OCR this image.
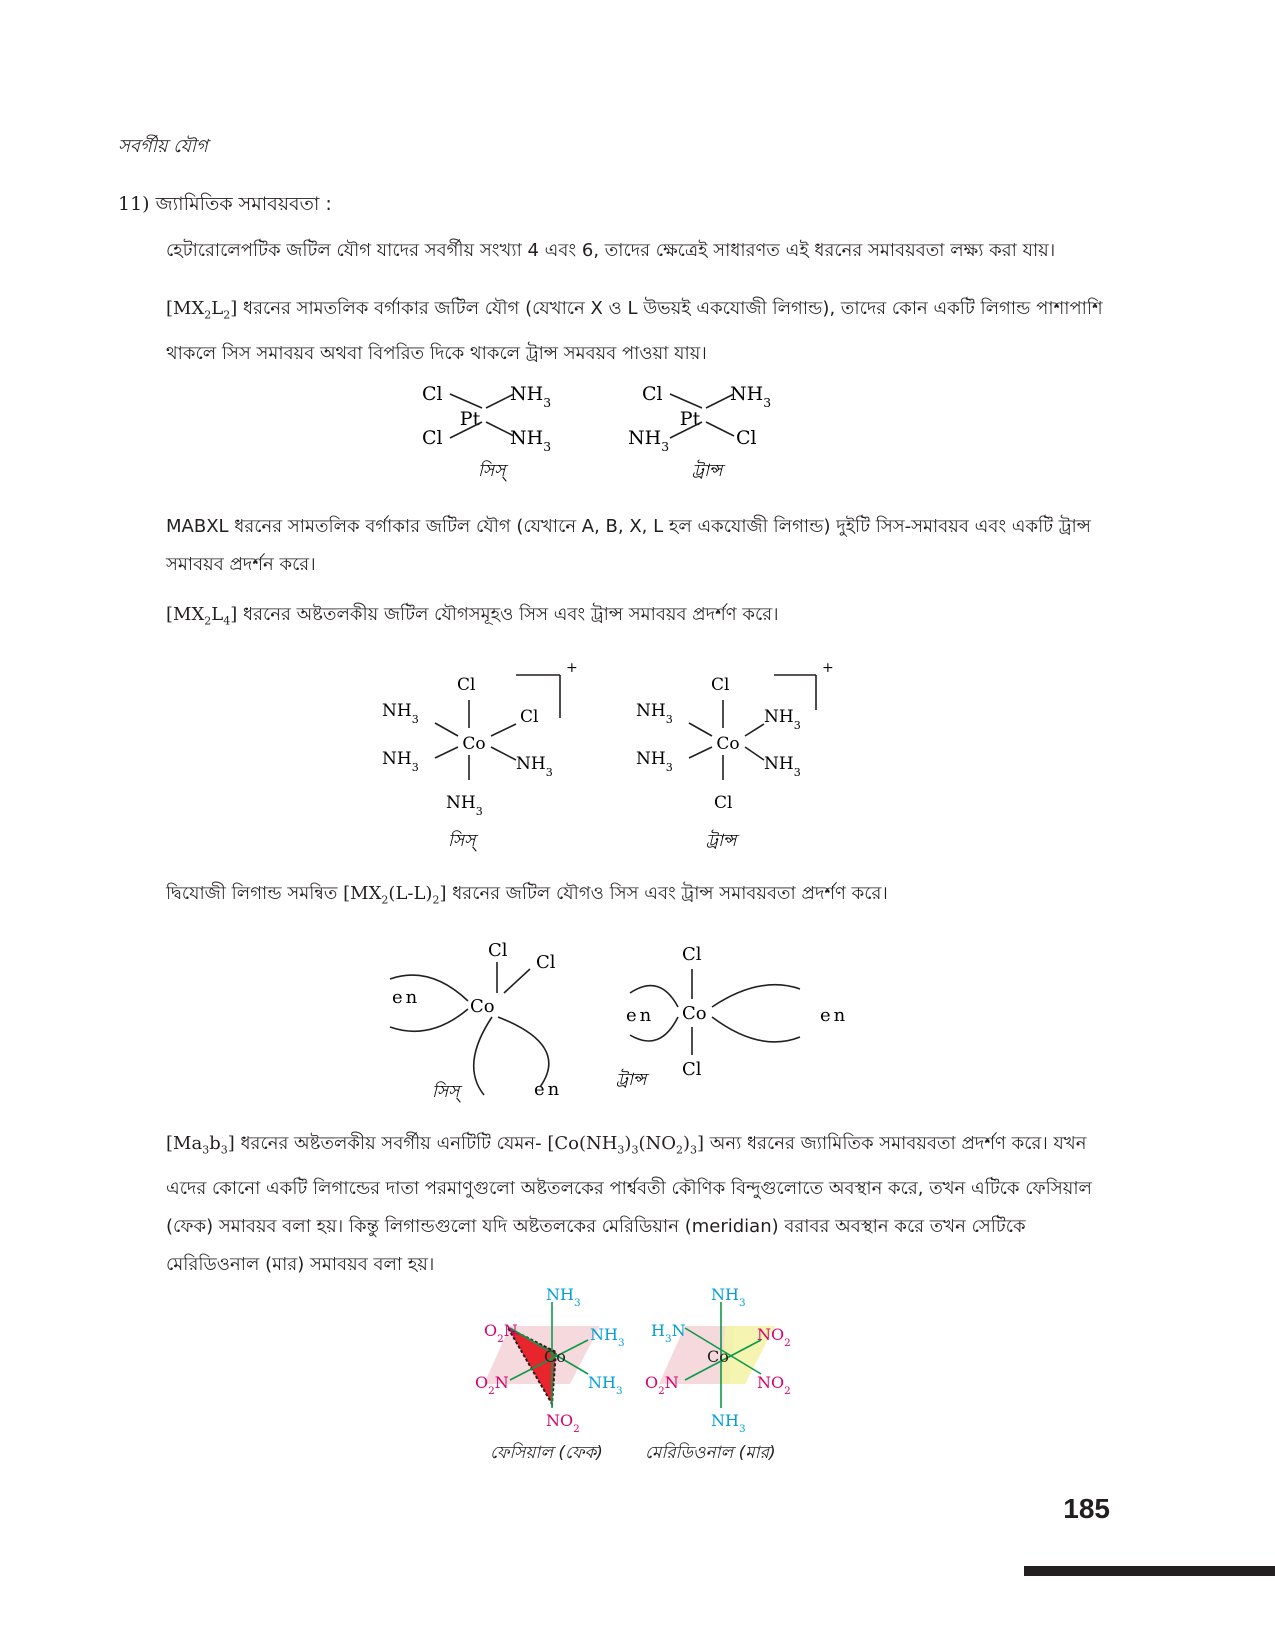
সবর্গীয় যৌগ
11) জ্যামিতিক সমাবয়বতা :
হেটারোলেপটিক জটিল যৌগ যাদের সবর্গীয় সংখ্যা 4 এবং 6, তাদের ক্ষেত্রেই সাধারণত এই ধরনের সমাবয়বতা লক্ষ্য করা যায়।
$[MX_2L_2]$ ধরনের সামতলিক বর্গাকার জটিল যৌগ (যেখানে X ও L উভয়ই একযোজী লিগান্ড), তাদের কোন একটি লিগান্ড পাশাপাশি থাকলে সিস সমাবয়ব অথবা বিপরিত দিকে থাকলে ট্রান্স সমবয়ব পাওয়া যায়।
Cl
Cl
$NH_3$
$NH_3$
Pt
সিস্
Cl
$NH_3$
$NH_3$
Cl
Pt
ট্রান্স
MABXL ধরনের সামতলিক বর্গাকার জটিল যৌগ (যেখানে A, B, X, L হল একযোজী লিগান্ড) দুইটি সিস-সমাবয়ব এবং একটি ট্রান্স সমাবয়ব প্রদর্শন করে।
$[MX_2L_4]$ ধরনের অষ্টতলকীয় জটিল যৌগসমূহও সিস এবং ট্রান্স সমাবয়ব প্রদর্শণ করে।
Cl
$NH_3$	Cl
$NH_3$	$NH_3$
$NH_3$
Co
+
সিস্
Cl
$NH_3$	$NH_3$
$NH_3$	$NH_3$
Cl
Co
+
ট্রান্স
দ্বিযোজী লিগান্ড সমন্বিত $[MX_2(L-L)_2]$ ধরনের জটিল যৌগও সিস এবং ট্রান্স সমাবয়বতা প্রদর্শণ করে।
Cl
Cl
Co
en
en
সিস্
Cl
Cl
Co
en	en
ট্রান্স
$[Ma_3b_3]$ ধরনের অষ্টতলকীয় সবর্গীয় এনটিটি যেমন- $[Co(NH_3)_3(NO_2)_3]$ অন্য ধরনের জ্যামিতিক সমাবয়বতা প্রদর্শণ করে। যখন এদের কোনো একটি লিগান্ডের দাতা পরমাণুগুলো অষ্টতলকের পার্শ্ববতী কৌণিক বিন্দুগুলোতে অবস্থান করে, তখন এটিকে ফেসিয়াল (ফেক) সমাবয়ব বলা হয়। কিন্তু লিগান্ডগুলো যদি অষ্টতলকের মেরিডিয়ান (meridian) বরাবর অবস্থান করে তখন সেটিকে মেরিডিওনাল (মার) সমাবয়ব বলা হয়।
Co
$NH_3$
$O_2N$	$NH_3$
$O_2N$	$NH_3$
$NO_2$
ফেসিয়াল (ফেক)
Co
$NH_3$
$H_3N$	$NO_2$
$O_2N$	$NO_2$
$NH_3$
মেরিডিওনাল (মার)
185
